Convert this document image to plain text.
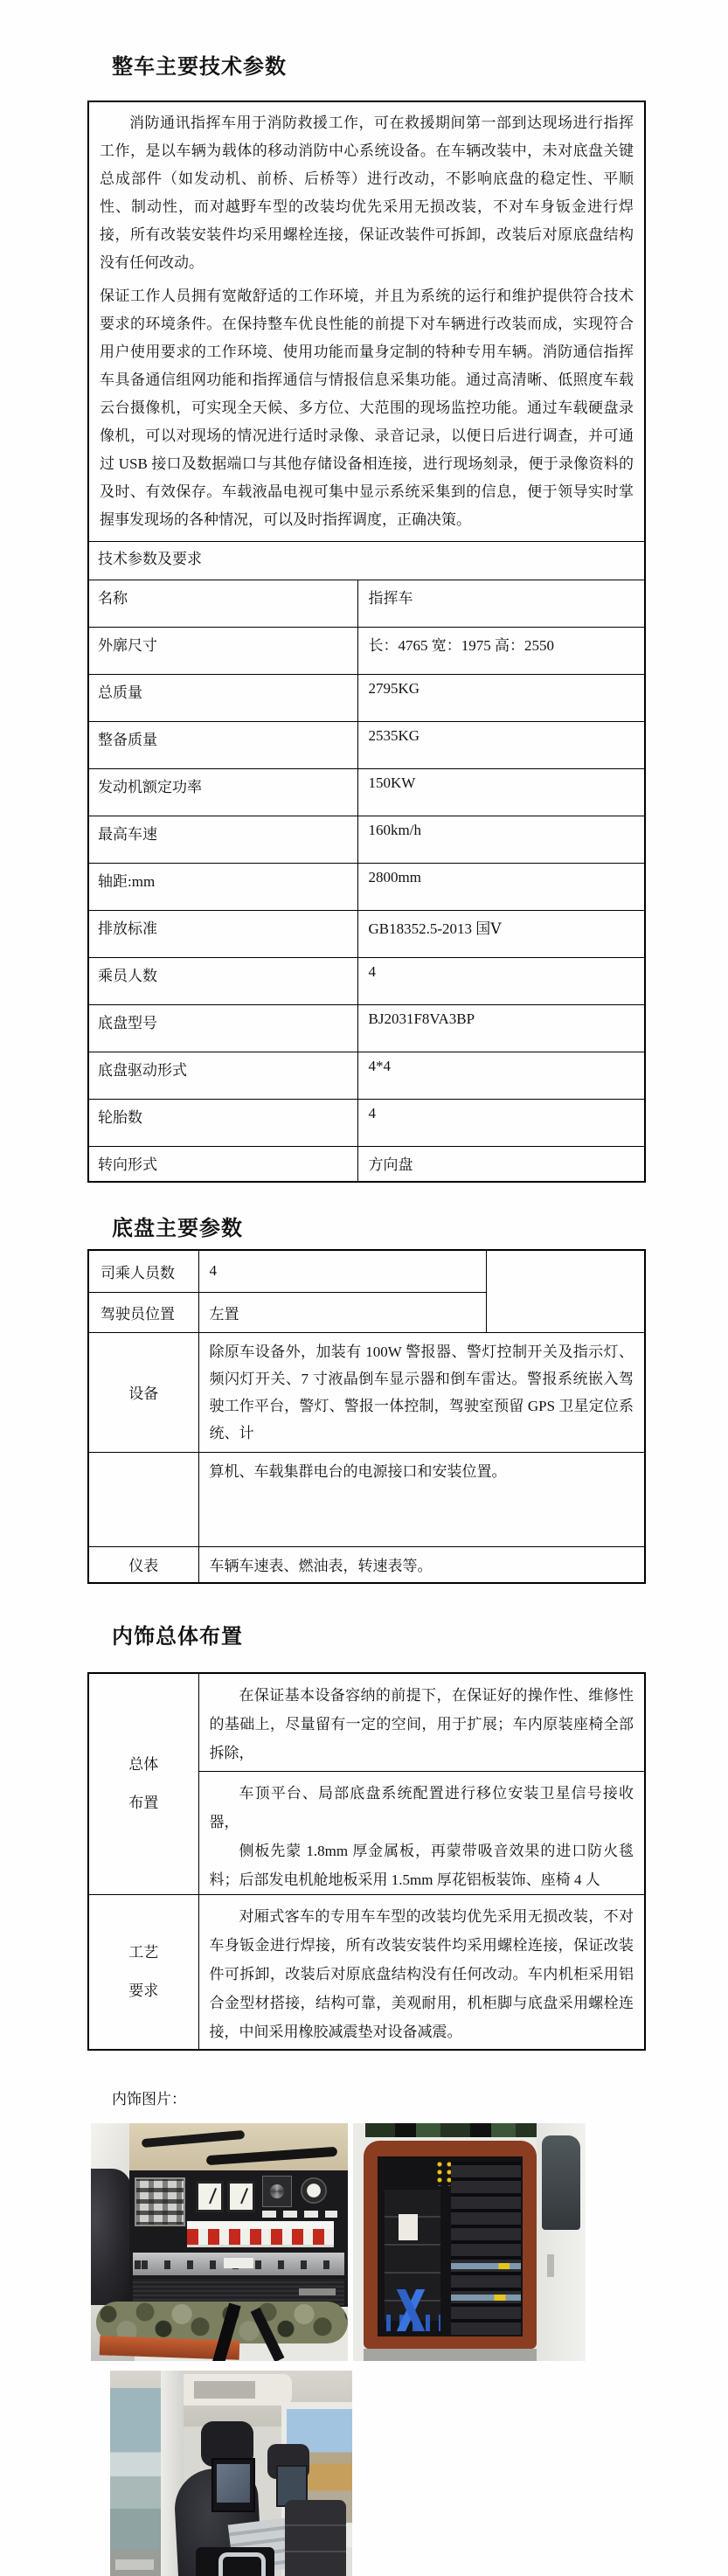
整车主要技术参数

消防通讯指挥车用于消防救援工作，可在救援期间第一部到达现场进行指挥工作，是以车辆为载体的移动消防中心系统设备。在车辆改装中，未对底盘关键总成部件（如发动机、前桥、后桥等）进行改动，不影响底盘的稳定性、平顺性、制动性，而对越野车型的改装均优先采用无损改装，不对车身钣金进行焊接，所有改装安装件均采用螺栓连接，保证改装件可拆卸，改装后对原底盘结构没有任何改动。

保证工作人员拥有宽敞舒适的工作环境，并且为系统的运行和维护提供符合技术要求的环境条件。在保持整车优良性能的前提下对车辆进行改装而成，实现符合用户使用要求的工作环境、使用功能而量身定制的特种专用车辆。消防通信指挥车具备通信组网功能和指挥通信与情报信息采集功能。通过高清晰、低照度车载云台摄像机，可实现全天候、多方位、大范围的现场监控功能。通过车载硬盘录像机，可以对现场的情况进行适时录像、录音记录，以便日后进行调查，并可通过 USB 接口及数据端口与其他存储设备相连接，进行现场刻录，便于录像资料的及时、有效保存。车载液晶电视可集中显示系统采集到的信息，便于领导实时掌握事发现场的各种情况，可以及时指挥调度，正确决策。	

技术参数及要求	
名称	指挥车
外廓尺寸	长：4765 宽：1975 高：2550
总质量	2795KG
整备质量	2535KG
发动机额定功率	150KW
最高车速	160km/h
轴距:mm	2800mm
排放标准	GB18352.5-2013 国Ⅴ
乘员人数	4
底盘型号	BJ2031F8VA3BP
底盘驱动形式	4*4
轮胎数	4
转向形式	方向盘
底盘主要参数
司乘人员数	4	
驾驶员位置	左置	
设备	除原车设备外，加装有 100W 警报器、警灯控制开关及指示灯、频闪灯开关、7 寸液晶倒车显示器和倒车雷达。警报系统嵌入驾驶工作平台，警灯、警报一体控制，驾驶室预留 GPS 卫星定位系统、计	
	算机、车载集群电台的电源接口和安装位置。	
仪表	车辆车速表、燃油表，转速表等。	
内饰总体布置
总体布置	在保证基本设备容纳的前提下，在保证好的操作性、维修性的基础上，尽量留有一定的空间，用于扩展；车内原装座椅全部拆除，

	车顶平台、局部底盘系统配置进行移位安装卫星信号接收器，

侧板先蒙 1.8mm 厚金属板，再蒙带吸音效果的进口防火毯料；后部发电机舱地板采用 1.5mm 厚花铝板装饰、座椅 4 人

工艺要求	对厢式客车的专用车车型的改装均优先采用无损改装，不对车身钣金进行焊接，所有改装安装件均采用螺栓连接，保证改装件可拆卸，改装后对原底盘结构没有任何改动。车内机柜采用铝合金型材搭接，结构可靠，美观耐用，机柜脚与底盘采用螺栓连接，中间采用橡胶减震垫对设备减震。

内饰图片：
